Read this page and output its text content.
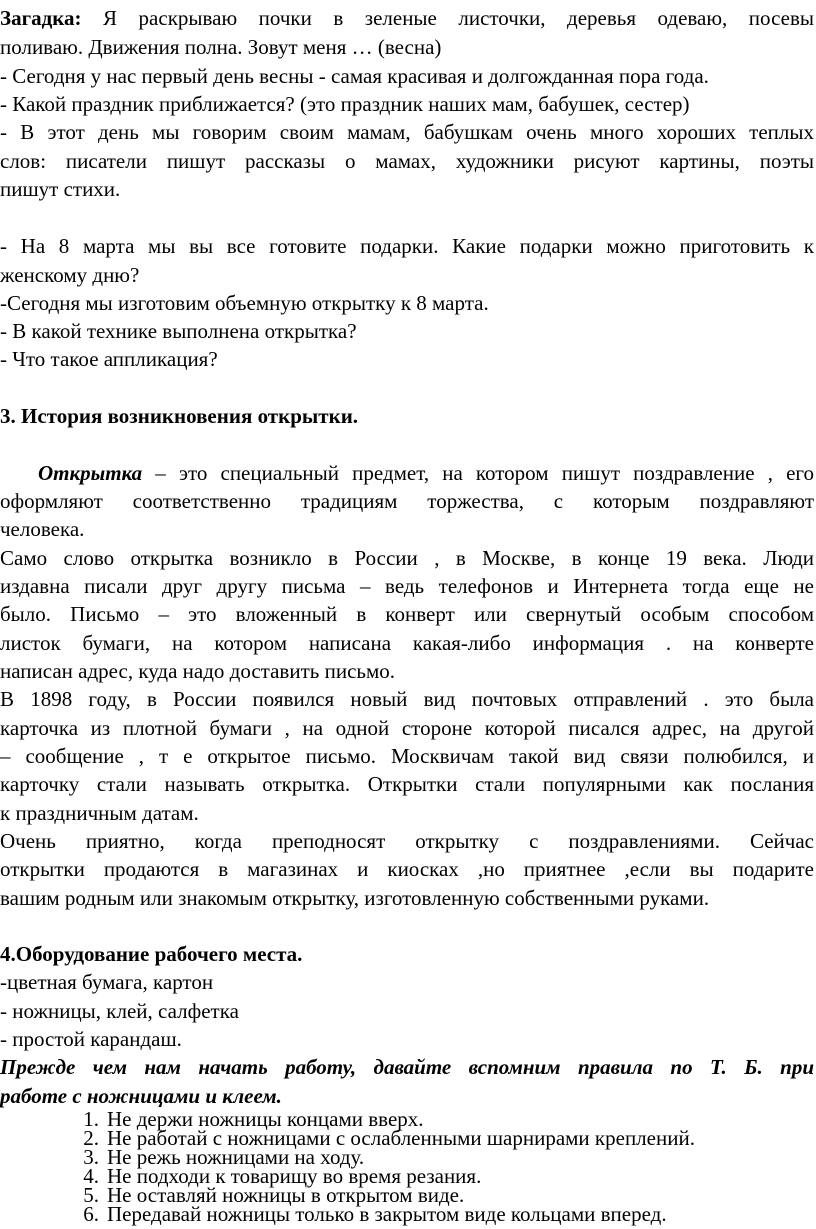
Загадка: Я раскрываю почки в зеленые листочки, деревья одеваю, посевы
поливаю. Движения полна. Зовут меня … (весна)
- Сегодня у нас первый день весны - самая красивая и долгожданная пора года.
- Какой праздник приближается? (это праздник наших мам, бабушек, сестер)
- В этот день мы говорим своим мамам, бабушкам очень много хороших теплых
слов: писатели пишут рассказы о мамах, художники рисуют картины, поэты
пишут стихи.
- На 8 марта мы вы все готовите подарки. Какие подарки можно приготовить к
женскому дню?
-Сегодня мы изготовим объемную открытку к 8 марта.
- В какой технике выполнена открытка?
- Что такое аппликация?
3. История возникновения открытки.
Открытка – это специальный предмет, на котором пишут поздравление , его
оформляют соответственно традициям торжества, с которым поздравляют
человека.
Само слово открытка возникло в России , в Москве, в конце 19 века. Люди
издавна писали друг другу письма – ведь телефонов и Интернета тогда еще не
было. Письмо – это вложенный в конверт или свернутый особым способом
листок бумаги, на котором написана какая-либо информация . на конверте
написан адрес, куда надо доставить письмо.
В 1898 году, в России появился новый вид почтовых отправлений . это была
карточка из плотной бумаги , на одной стороне которой писался адрес, на другой
– сообщение , т е открытое письмо. Москвичам такой вид связи полюбился, и
карточку стали называть открытка. Открытки стали популярными как послания
к праздничным датам.
Очень приятно, когда преподносят открытку с поздравлениями. Сейчас
открытки продаются в магазинах и киосках ,но приятнее ,если вы подарите
вашим родным или знакомым открытку, изготовленную собственными руками.
4.Оборудование рабочего места.
-цветная бумага, картон
- ножницы, клей, салфетка
- простой карандаш.
Прежде чем нам начать работу, давайте вспомним правила по Т. Б. при
работе с ножницами и клеем.
1. Не держи ножницы концами вверх.
2. Не работай с ножницами с ослабленными шарнирами креплений.
3. Не режь ножницами на ходу.
4. Не подходи к товарищу во время резания.
5. Не оставляй ножницы в открытом виде.
6. Передавай ножницы только в закрытом виде кольцами вперед.
